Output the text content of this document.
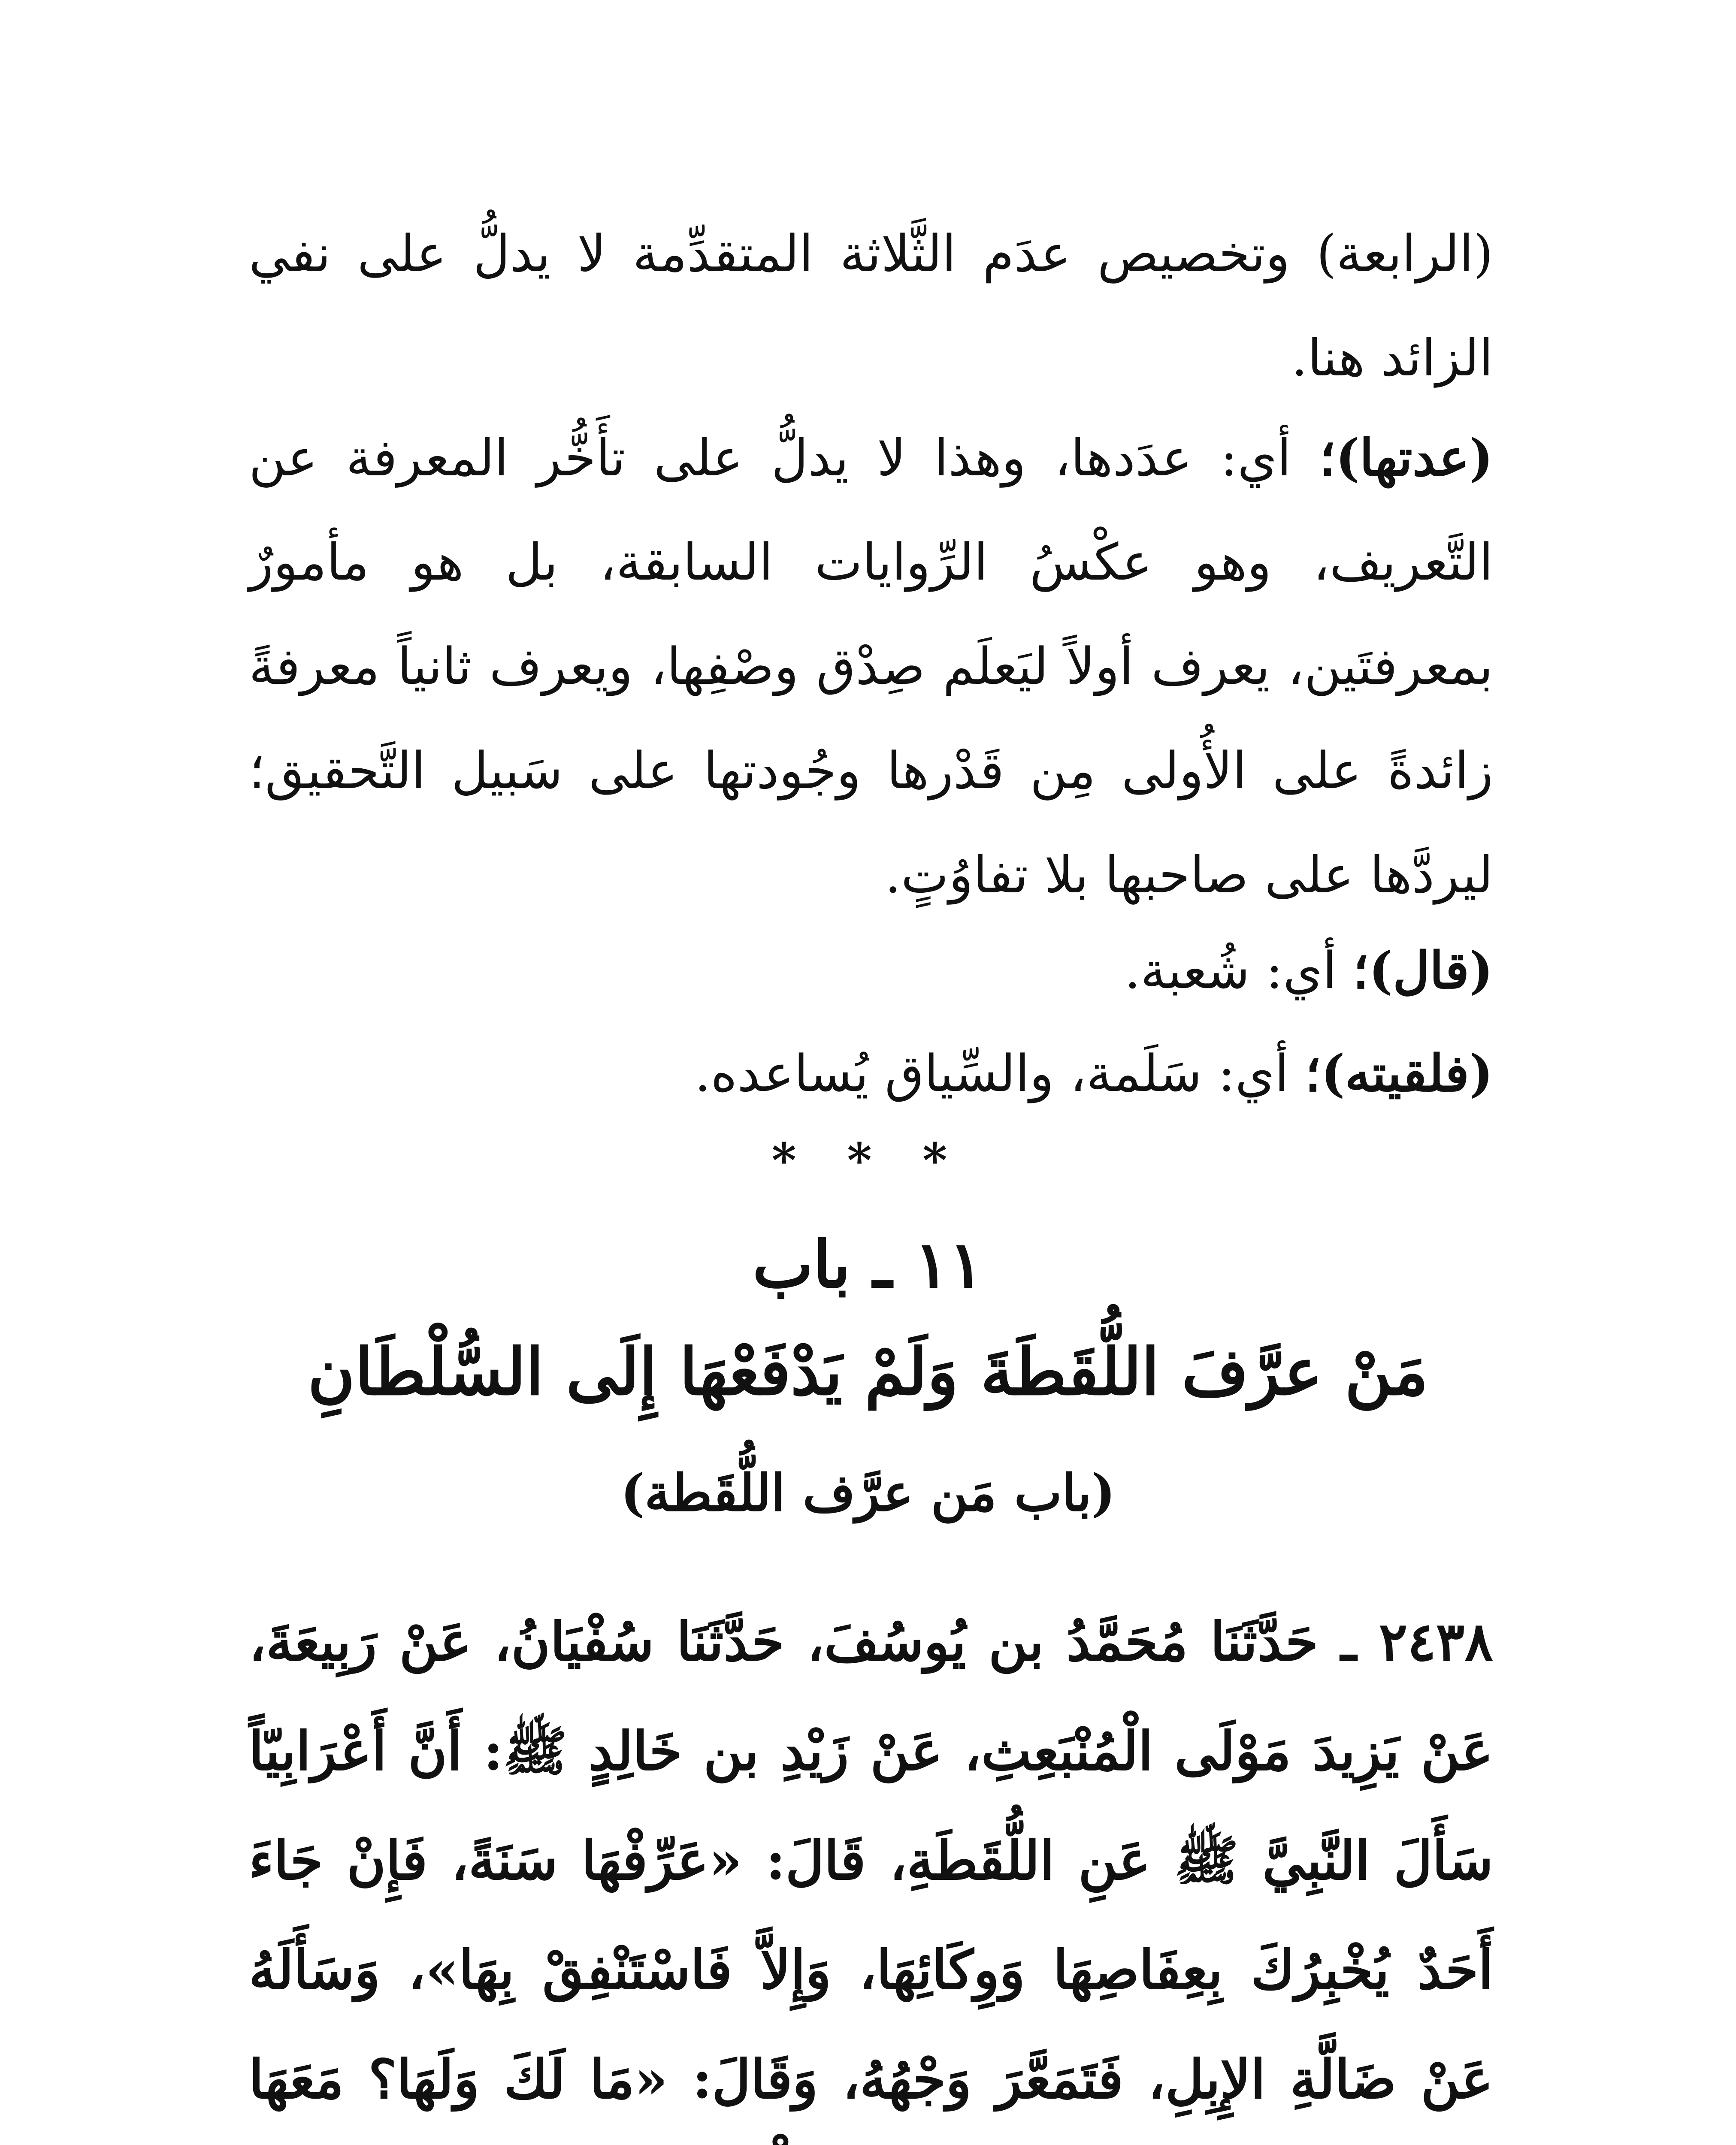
(الرابعة) وتخصيص عدَم الثَّلاثة المتقدِّمة لا يدلُّ على نفي الزائد هنا.

(عدتها)؛ أي: عدَدها، وهذا لا يدلُّ على تأَخُّر المعرفة عن التَّعريف، وهو عكْسُ الرِّوايات السابقة، بل هو مأمورٌ بمعرفتَين، يعرف أولاً ليَعلَم صِدْق وصْفِها، ويعرف ثانياً معرفةً زائدةً على الأُولى مِن قَدْرها وجُودتها على سَبيل التَّحقيق؛ ليردَّها على صاحبها بلا تفاوُتٍ.

(قال)؛ أي: شُعبة.

(فلقيته)؛ أي: سَلَمة، والسِّياق يُساعده.

* * *
١١ ـ باب
مَنْ عرَّفَ اللُّقَطَةَ وَلَمْ يَدْفَعْهَا إِلَى السُّلْطَانِ
(باب مَن عرَّف اللُّقَطة)

٢٤٣٨ ـ حَدَّثَنَا مُحَمَّدُ بن يُوسُفَ، حَدَّثَنَا سُفْيَانُ، عَنْ رَبِيعَةَ، عَنْ يَزِيدَ مَوْلَى الْمُنْبَعِثِ، عَنْ زَيْدِ بن خَالِدٍ ﷺ: أَنَّ أَعْرَابِيّاً سَأَلَ النَّبِيَّ ﷺ عَنِ اللُّقَطَةِ، قَالَ: «عَرِّفْهَا سَنَةً، فَإِنْ جَاءَ أَحَدٌ يُخْبِرُكَ بِعِفَاصِهَا وَوِكَائِهَا، وَإِلاَّ فَاسْتَنْفِقْ بِهَا»، وَسَأَلَهُ عَنْ ضَالَّةِ الإِبِلِ، فَتَمَعَّرَ وَجْهُهُ، وَقَالَ: «مَا لَكَ وَلَهَا؟ مَعَهَا
